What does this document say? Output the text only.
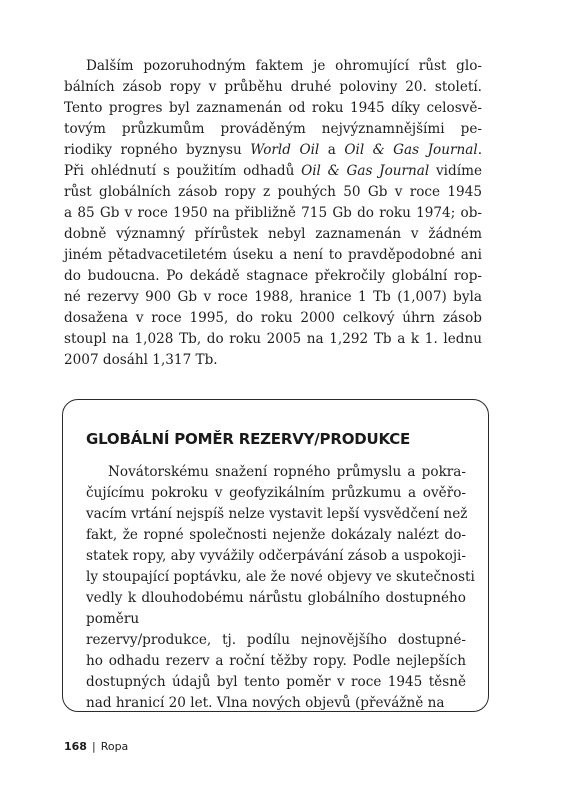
Dalším pozoruhodným faktem je ohromující růst glo- bálních zásob ropy v průběhu druhé poloviny 20. století. Tento progres byl zaznamenán od roku 1945 díky celosvě- tovým průzkumům prováděným nejvýznamnějšími pe- riodiky ropného byznysu World Oil a Oil & Gas Journal. Při ohlédnutí s použitím odhadů Oil & Gas Journal vidíme růst globálních zásob ropy z pouhých 50 Gb v roce 1945 a 85 Gb v roce 1950 na přibližně 715 Gb do roku 1974; ob- dobně významný přírůstek nebyl zaznamenán v žádném jiném pětadvacetiletém úseku a není to pravděpodobné ani do budoucna. Po dekádě stagnace překročily globální rop- né rezervy 900 Gb v roce 1988, hranice 1 Tb (1,007) byla dosažena v roce 1995, do roku 2000 celkový úhrn zásob stoupl na 1,028 Tb, do roku 2005 na 1,292 Tb a k 1. lednu 2007 dosáhl 1,317 Tb.

GLOBÁLNÍ POMĚR REZERVY/PRODUKCE

Novátorskému snažení ropného průmyslu a pokra- čujícímu pokroku v geofyzikálním průzkumu a ověřo- vacím vrtání nejspíš nelze vystavit lepší vysvědčení než fakt, že ropné společnosti nejenže dokázaly nalézt do- statek ropy, aby vyvážily odčerpávání zásob a uspokoji- ly stoupající poptávku, ale že nové objevy ve skutečnosti vedly k dlouhodobému nárůstu globálního dostupného poměru rezervy/produkce, tj. podílu nejnovějšího dostupné- ho odhadu rezerv a roční těžby ropy. Podle nejlepších dostupných údajů byl tento poměr v roce 1945 těsně nad hranicí 20 let. Vlna nových objevů (převážně na

168 | Ropa
